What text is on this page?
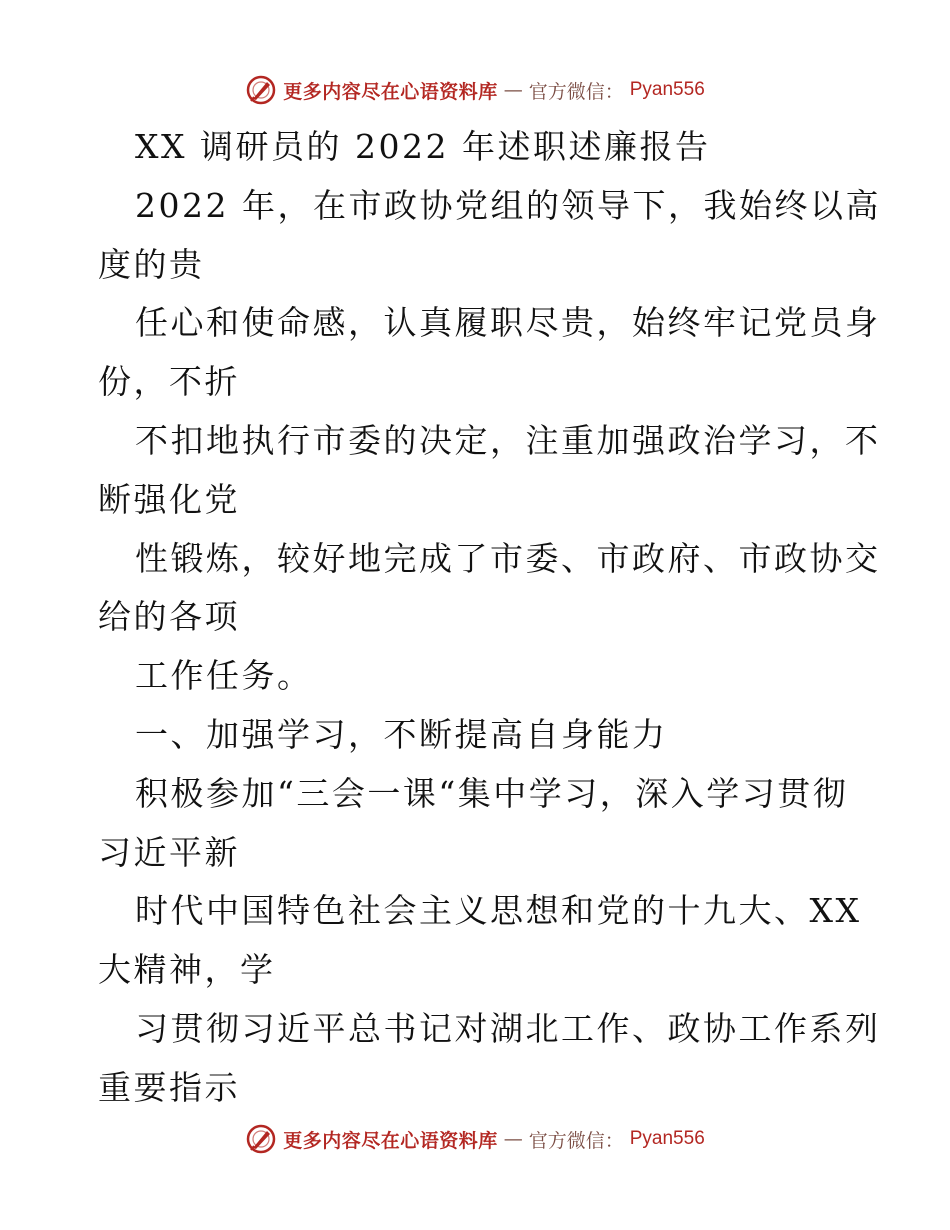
更多内容尽在心语资料库 — 官方微信： Pyan556
XX 调研员的 2022 年述职述廉报告
2022 年，在市政协党组的领导下，我始终以高
度的贵
任心和使命感，认真履职尽贵，始终牢记党员身
份，不折
不扣地执行市委的决定，注重加强政治学习，不
断强化党
性锻炼，较好地完成了市委、市政府、市政协交
给的各项
工作任务。
一、加强学习，不断提高自身能力
积极参加“三会一课“集中学习，深入学习贯彻
习近平新
时代中国特色社会主义思想和党的十九大、XX
大精神，学
习贯彻习近平总书记对湖北工作、政协工作系列
重要指示
更多内容尽在心语资料库 — 官方微信： Pyan556
